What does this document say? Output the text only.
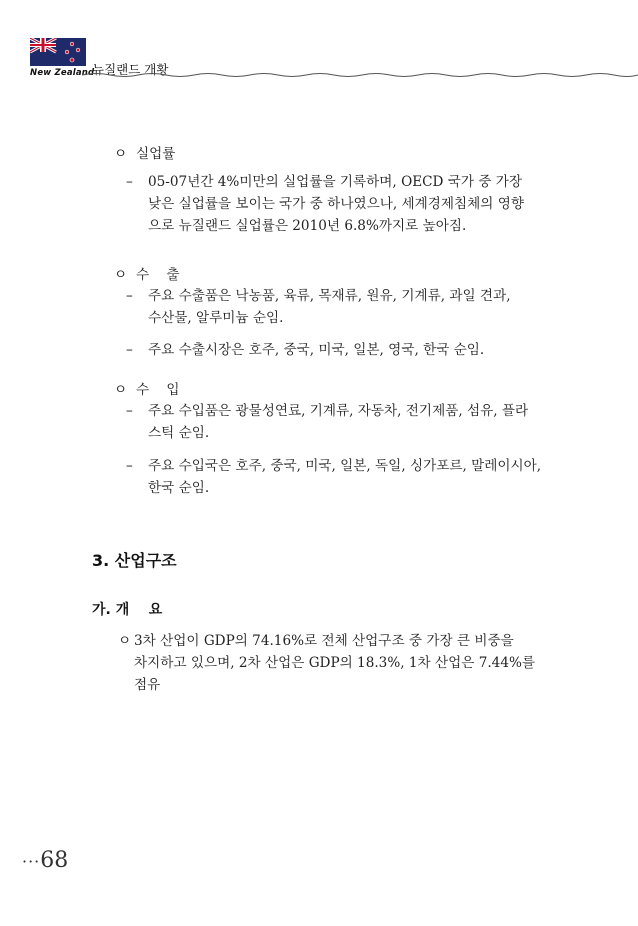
New Zealand
뉴질랜드 개황
ㅇ 실업률
– 05-07년간 4%미만의 실업률을 기록하며, OECD 국가 중 가장
낮은 실업률을 보이는 국가 중 하나였으나, 세계경제침체의 영향
으로 뉴질랜드 실업률은 2010년 6.8%까지로 높아짐.
ㅇ 수    출
– 주요 수출품은 낙농품, 육류, 목재류, 원유, 기계류, 과일 견과,
수산물, 알루미늄 순임.
– 주요 수출시장은 호주, 중국, 미국, 일본, 영국, 한국 순임.
ㅇ 수    입
– 주요 수입품은 광물성연료, 기계류, 자동차, 전기제품, 섬유, 플라
스틱 순임.
– 주요 수입국은 호주, 중국, 미국, 일본, 독일, 싱가포르, 말레이시아,
한국 순임.
3. 산업구조
가. 개    요
ㅇ 3차 산업이 GDP의 74.16%로 전체 산업구조 중 가장 큰 비중을
차지하고 있으며, 2차 산업은 GDP의 18.3%, 1차 산업은 7.44%를
점유
···68
